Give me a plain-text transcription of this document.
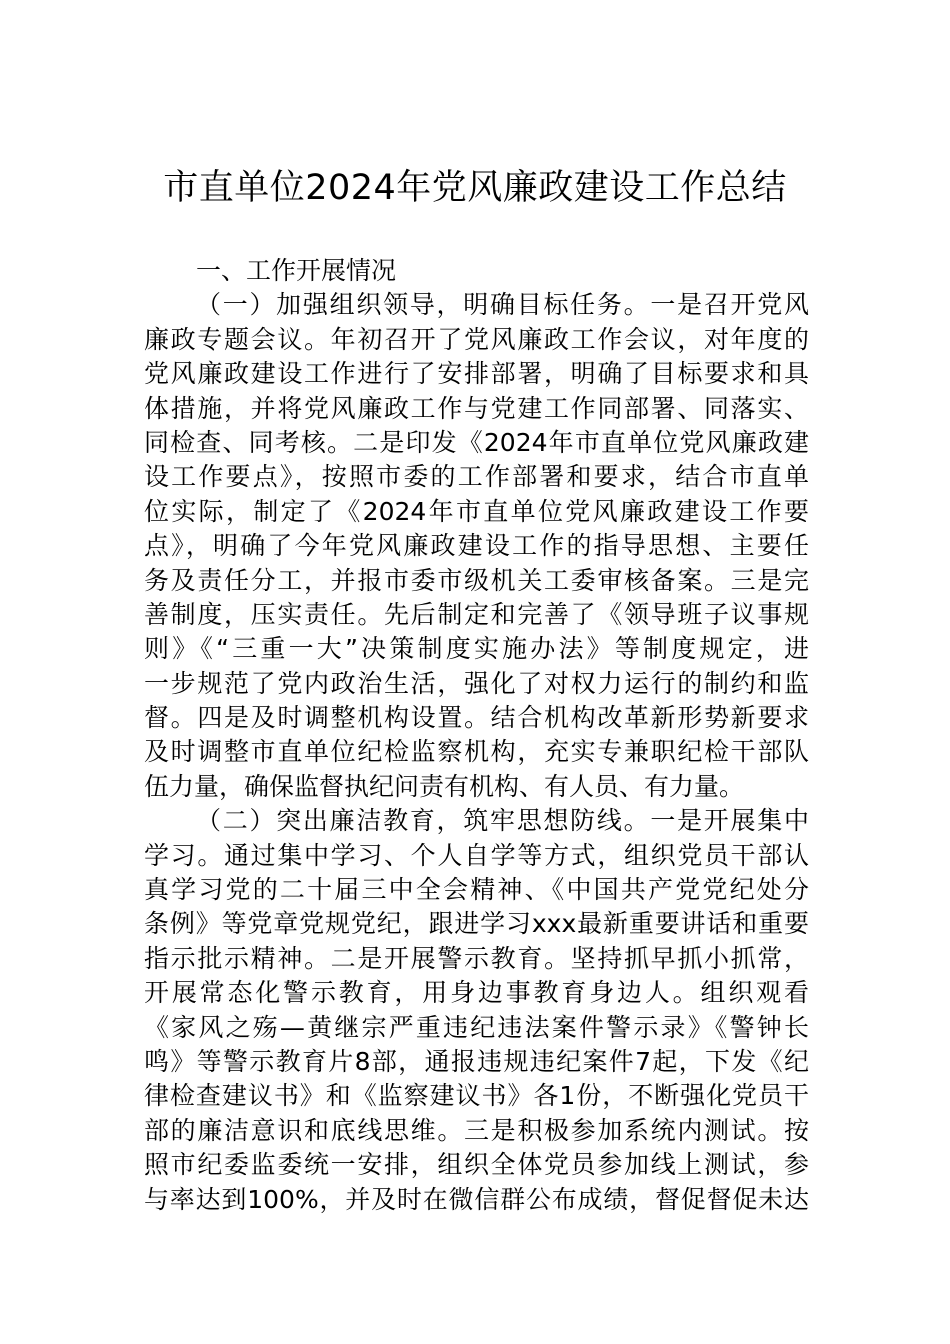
市直单位2024年党风廉政建设工作总结
一、工作开展情况
（一）加强组织领导，明确目标任务。一是召开党风
廉政专题会议。年初召开了党风廉政工作会议，对年度的
党风廉政建设工作进行了安排部署，明确了目标要求和具
体措施，并将党风廉政工作与党建工作同部署、同落实、
同检查、同考核。二是印发《2024年市直单位党风廉政建
设工作要点》，按照市委的工作部署和要求，结合市直单
位实际，制定了《2024年市直单位党风廉政建设工作要
点》，明确了今年党风廉政建设工作的指导思想、主要任
务及责任分工，并报市委市级机关工委审核备案。三是完
善制度，压实责任。先后制定和完善了《领导班子议事规
则》《“三重一大”决策制度实施办法》等制度规定，进
一步规范了党内政治生活，强化了对权力运行的制约和监
督。四是及时调整机构设置。结合机构改革新形势新要求
及时调整市直单位纪检监察机构，充实专兼职纪检干部队
伍力量，确保监督执纪问责有机构、有人员、有力量。
（二）突出廉洁教育，筑牢思想防线。一是开展集中
学习。通过集中学习、个人自学等方式，组织党员干部认
真学习党的二十届三中全会精神、《中国共产党党纪处分
条例》等党章党规党纪，跟进学习xxx最新重要讲话和重要
指示批示精神。二是开展警示教育。坚持抓早抓小抓常，
开展常态化警示教育，用身边事教育身边人。组织观看
《家风之殇—黄继宗严重违纪违法案件警示录》《警钟长
鸣》等警示教育片8部，通报违规违纪案件7起，下发《纪
律检查建议书》和《监察建议书》各1份，不断强化党员干
部的廉洁意识和底线思维。三是积极参加系统内测试。按
照市纪委监委统一安排，组织全体党员参加线上测试，参
与率达到100%，并及时在微信群公布成绩，督促督促未达
